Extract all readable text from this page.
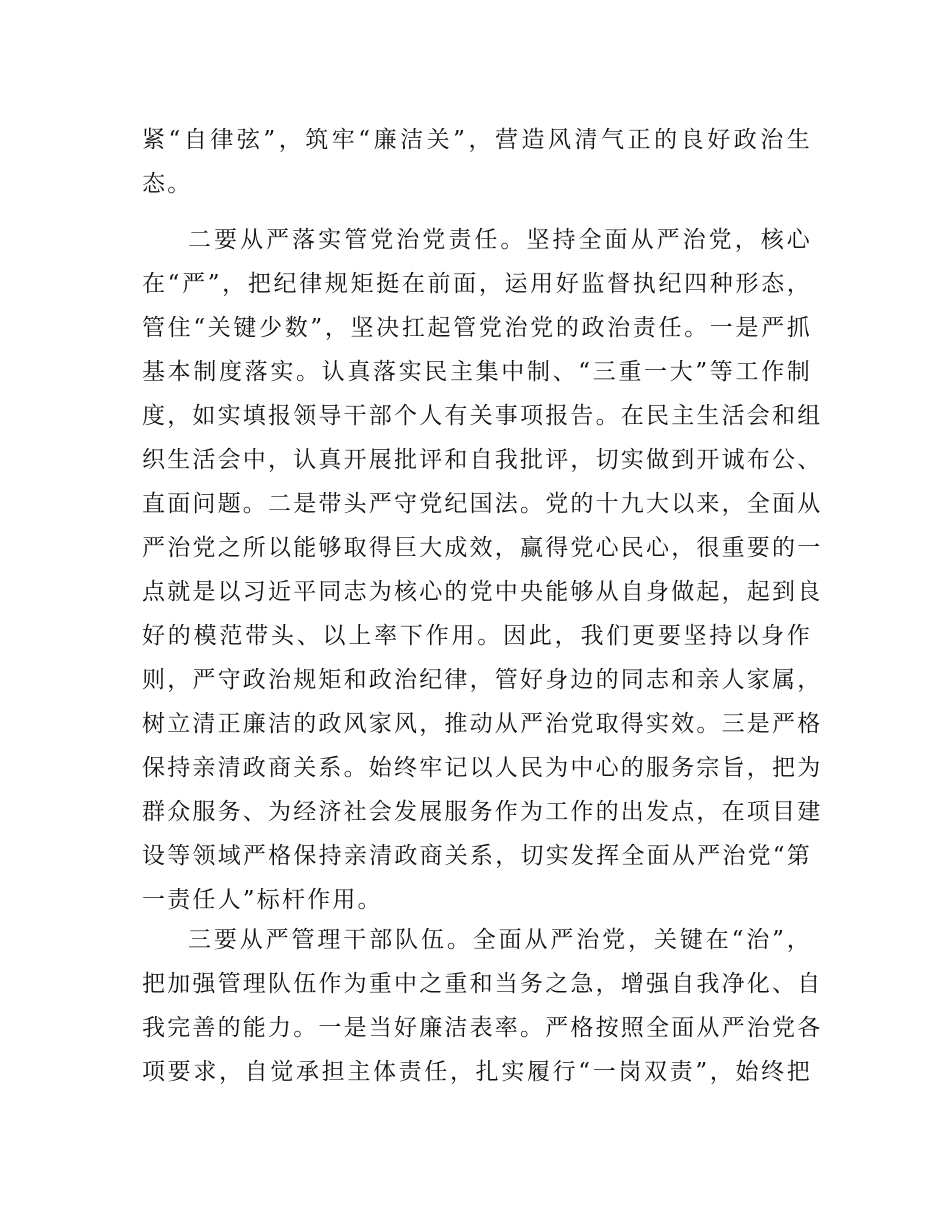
紧“自律弦”，筑牢“廉洁关”，营造风清气正的良好政治生
态。
二要从严落实管党治党责任。坚持全面从严治党，核心
在“严”，把纪律规矩挺在前面，运用好监督执纪四种形态，
管住“关键少数”，坚决扛起管党治党的政治责任。一是严抓
基本制度落实。认真落实民主集中制、“三重一大”等工作制
度，如实填报领导干部个人有关事项报告。在民主生活会和组
织生活会中，认真开展批评和自我批评，切实做到开诚布公、
直面问题。二是带头严守党纪国法。党的十九大以来，全面从
严治党之所以能够取得巨大成效，赢得党心民心，很重要的一
点就是以习近平同志为核心的党中央能够从自身做起，起到良
好的模范带头、以上率下作用。因此，我们更要坚持以身作
则，严守政治规矩和政治纪律，管好身边的同志和亲人家属，
树立清正廉洁的政风家风，推动从严治党取得实效。三是严格
保持亲清政商关系。始终牢记以人民为中心的服务宗旨，把为
群众服务、为经济社会发展服务作为工作的出发点，在项目建
设等领域严格保持亲清政商关系，切实发挥全面从严治党“第
一责任人”标杆作用。
三要从严管理干部队伍。全面从严治党，关键在“治”，
把加强管理队伍作为重中之重和当务之急，增强自我净化、自
我完善的能力。一是当好廉洁表率。严格按照全面从严治党各
项要求，自觉承担主体责任，扎实履行“一岗双责”，始终把
